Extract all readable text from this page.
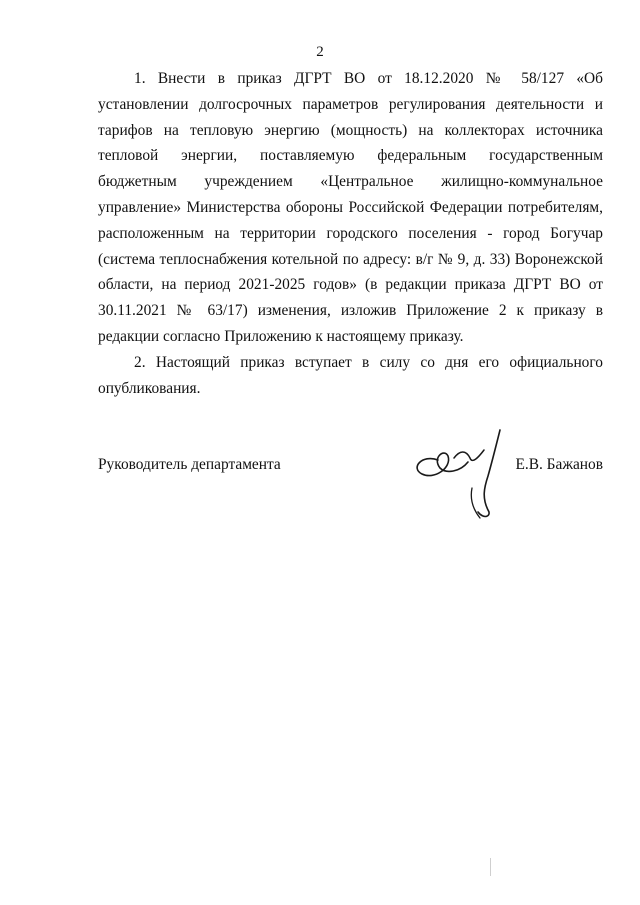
2

1. Внести в приказ ДГРТ ВО от 18.12.2020 № 58/127 «Об установлении долгосрочных параметров регулирования деятельности и тарифов на тепловую энергию (мощность) на коллекторах источника тепловой энергии, поставляемую федеральным государственным бюджетным учреждением «Центральное жилищно-коммунальное управление» Министерства обороны Российской Федерации потребителям, расположенным на территории городского поселения - город Богучар (система теплоснабжения котельной по адресу: в/г № 9, д. 33) Воронежской области, на период 2021-2025 годов» (в редакции приказа ДГРТ ВО от 30.11.2021 № 63/17) изменения, изложив Приложение 2 к приказу в редакции согласно Приложению к настоящему приказу.

2. Настоящий приказ вступает в силу со дня его официального опубликования.

Руководитель департамента	Е.В. Бажанов
